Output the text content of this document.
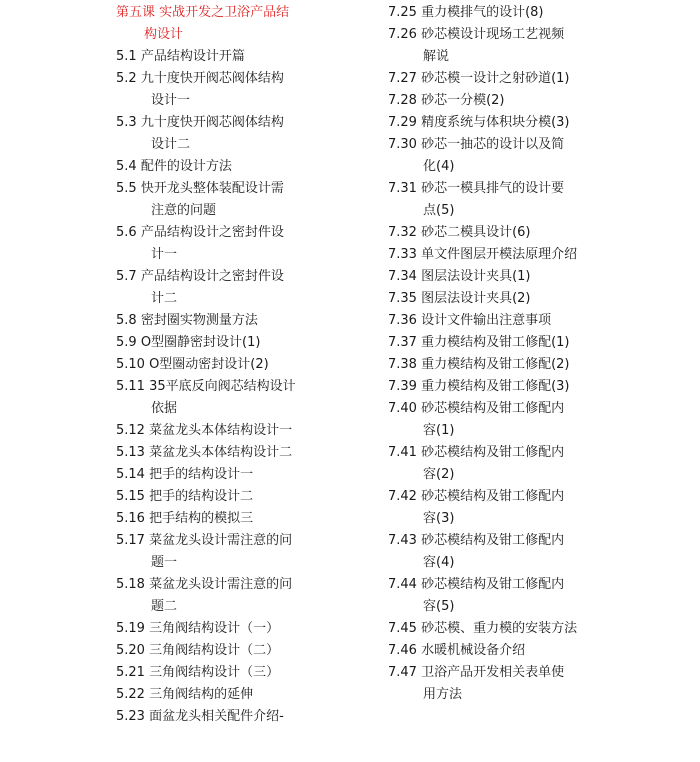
第五课 实战开发之卫浴产品结
构设计

5.1 产品结构设计开篇

5.2 九十度快开阀芯阀体结构
设计一

5.3 九十度快开阀芯阀体结构
设计二

5.4 配件的设计方法

5.5 快开龙头整体装配设计需
注意的问题

5.6 产品结构设计之密封件设
计一

5.7 产品结构设计之密封件设
计二

5.8 密封圈实物测量方法

5.9 O型圈静密封设计(1)

5.10 O型圈动密封设计(2)

5.11 35平底反向阀芯结构设计
依据

5.12 菜盆龙头本体结构设计一

5.13 菜盆龙头本体结构设计二

5.14 把手的结构设计一

5.15 把手的结构设计二

5.16 把手结构的模拟三

5.17 菜盆龙头设计需注意的问
题一

5.18 菜盆龙头设计需注意的问
题二

5.19 三角阀结构设计（一）

5.20 三角阀结构设计（二）

5.21 三角阀结构设计（三）

5.22 三角阀结构的延伸

5.23 面盆龙头相关配件介绍-

7.25 重力模排气的设计(8)

7.26 砂芯模设计现场工艺视频
解说

7.27 砂芯模一设计之射砂道(1)

7.28 砂芯一分模(2)

7.29 精度系统与体积块分模(3)

7.30 砂芯一抽芯的设计以及简
化(4)

7.31 砂芯一模具排气的设计要
点(5)

7.32 砂芯二模具设计(6)

7.33 单文件图层开模法原理介绍

7.34 图层法设计夹具(1)

7.35 图层法设计夹具(2)

7.36 设计文件输出注意事项

7.37 重力模结构及钳工修配(1)

7.38 重力模结构及钳工修配(2)

7.39 重力模结构及钳工修配(3)

7.40 砂芯模结构及钳工修配内
容(1)

7.41 砂芯模结构及钳工修配内
容(2)

7.42 砂芯模结构及钳工修配内
容(3)

7.43 砂芯模结构及钳工修配内
容(4)

7.44 砂芯模结构及钳工修配内
容(5)

7.45 砂芯模、重力模的安装方法

7.46 水暖机械设备介绍

7.47 卫浴产品开发相关表单使
用方法
